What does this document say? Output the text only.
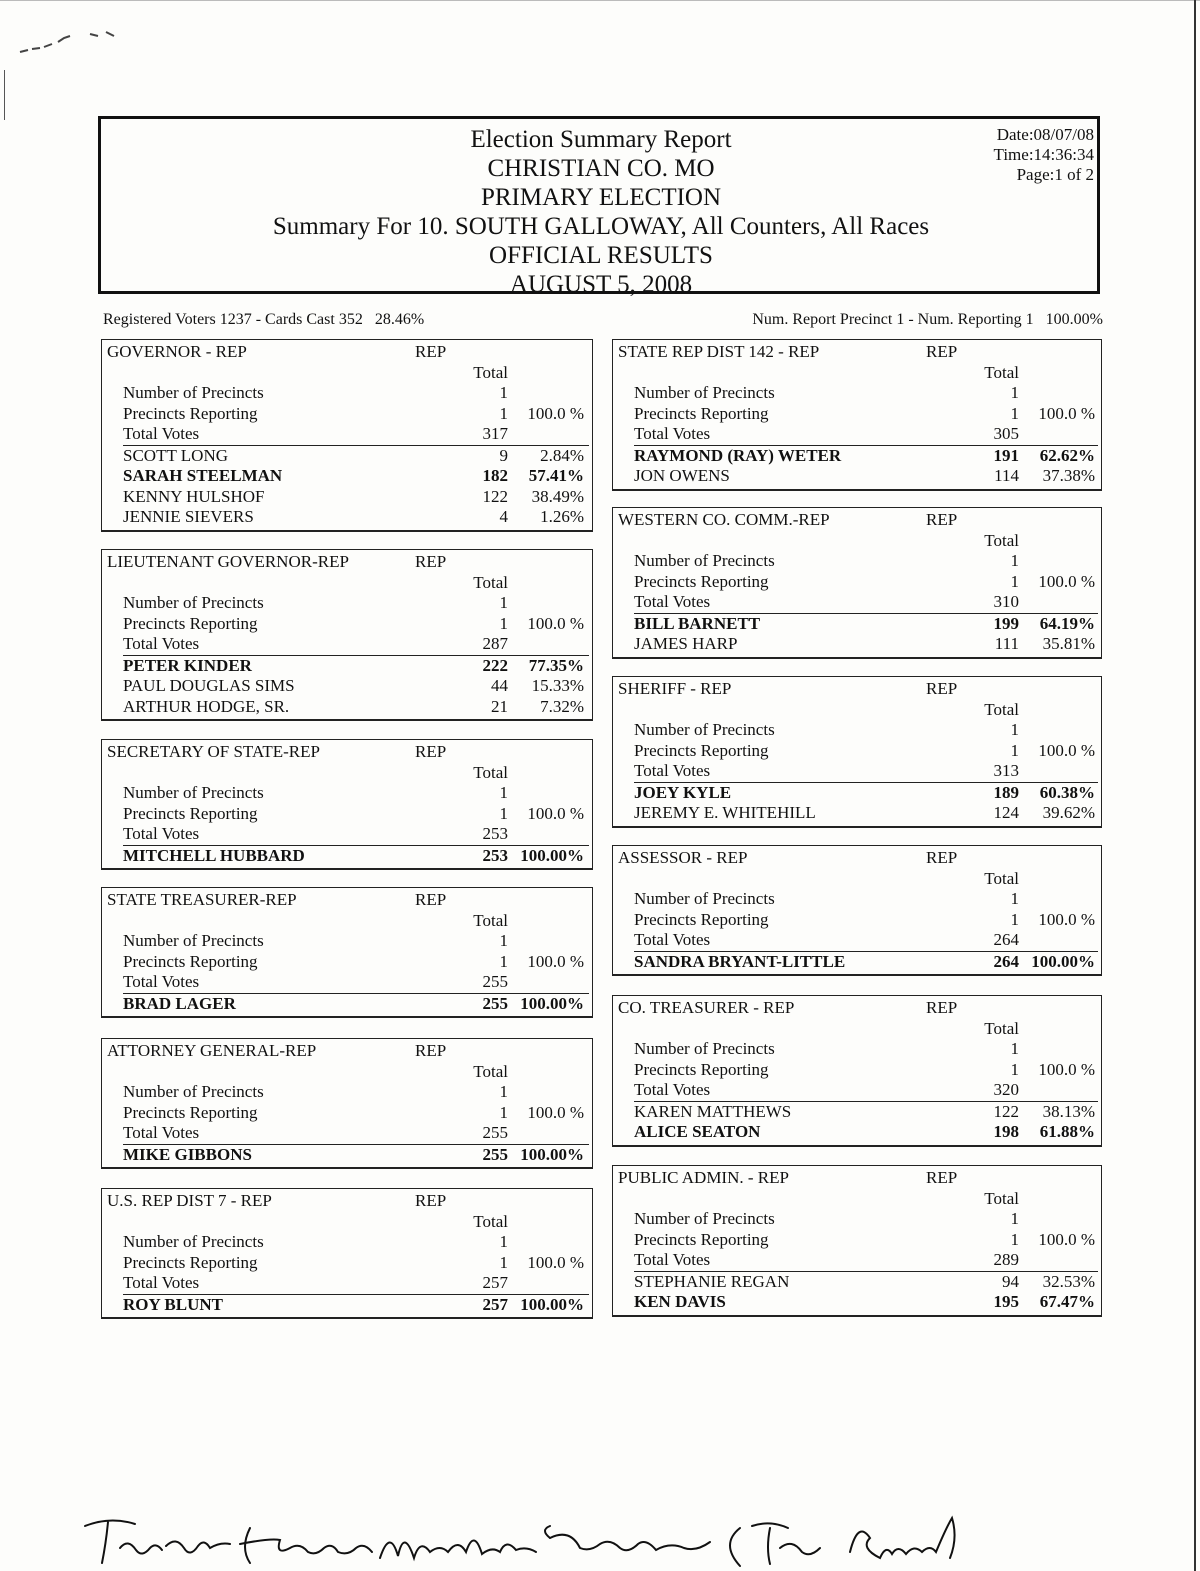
Election Summary Report
CHRISTIAN CO. MO
PRIMARY ELECTION
Summary For 10. SOUTH GALLOWAY, All Counters, All Races
OFFICIAL RESULTS
AUGUST 5, 2008
Date:08/07/08
Time:14:36:34
Page:1 of 2
Registered Voters 1237 - Cards Cast 352 28.46%	Num. Report Precinct 1 - Num. Reporting 1 100.00%
GOVERNOR - REP	REP
Total
Number of Precincts	1
Precincts Reporting	1	100.0 %
Total Votes	317
SCOTT LONG	9	2.84%
SARAH STEELMAN	182	57.41%
KENNY HULSHOF	122	38.49%
JENNIE SIEVERS	4	1.26%
LIEUTENANT GOVERNOR-REP	REP
Total
Number of Precincts	1
Precincts Reporting	1	100.0 %
Total Votes	287
PETER KINDER	222	77.35%
PAUL DOUGLAS SIMS	44	15.33%
ARTHUR HODGE, SR.	21	7.32%
SECRETARY OF STATE-REP	REP
Total
Number of Precincts	1
Precincts Reporting	1	100.0 %
Total Votes	253
MITCHELL HUBBARD	253 100.00%
STATE TREASURER-REP	REP
Total
Number of Precincts	1
Precincts Reporting	1	100.0 %
Total Votes	255
BRAD LAGER	255 100.00%
ATTORNEY GENERAL-REP	REP
Total
Number of Precincts	1
Precincts Reporting	1	100.0 %
Total Votes	255
MIKE GIBBONS	255 100.00%
U.S. REP DIST 7 - REP	REP
Total
Number of Precincts	1
Precincts Reporting	1	100.0 %
Total Votes	257
ROY BLUNT	257 100.00%
STATE REP DIST 142 - REP	REP
Total
Number of Precincts	1
Precincts Reporting	1	100.0 %
Total Votes	305
RAYMOND (RAY) WETER	191	62.62%
JON OWENS	114	37.38%
WESTERN CO. COMM.-REP	REP
Total
Number of Precincts	1
Precincts Reporting	1	100.0 %
Total Votes	310
BILL BARNETT	199	64.19%
JAMES HARP	111	35.81%
SHERIFF - REP	REP
Total
Number of Precincts	1
Precincts Reporting	1	100.0 %
Total Votes	313
JOEY KYLE	189	60.38%
JEREMY E. WHITEHILL	124	39.62%
ASSESSOR - REP	REP
Total
Number of Precincts	1
Precincts Reporting	1	100.0 %
Total Votes	264
SANDRA BRYANT-LITTLE	264 100.00%
CO. TREASURER - REP	REP
Total
Number of Precincts	1
Precincts Reporting	1	100.0 %
Total Votes	320
KAREN MATTHEWS	122	38.13%
ALICE SEATON	198	61.88%
PUBLIC ADMIN. - REP	REP
Total
Number of Precincts	1
Precincts Reporting	1	100.0 %
Total Votes	289
STEPHANIE REGAN	94	32.53%
KEN DAVIS	195	67.47%
